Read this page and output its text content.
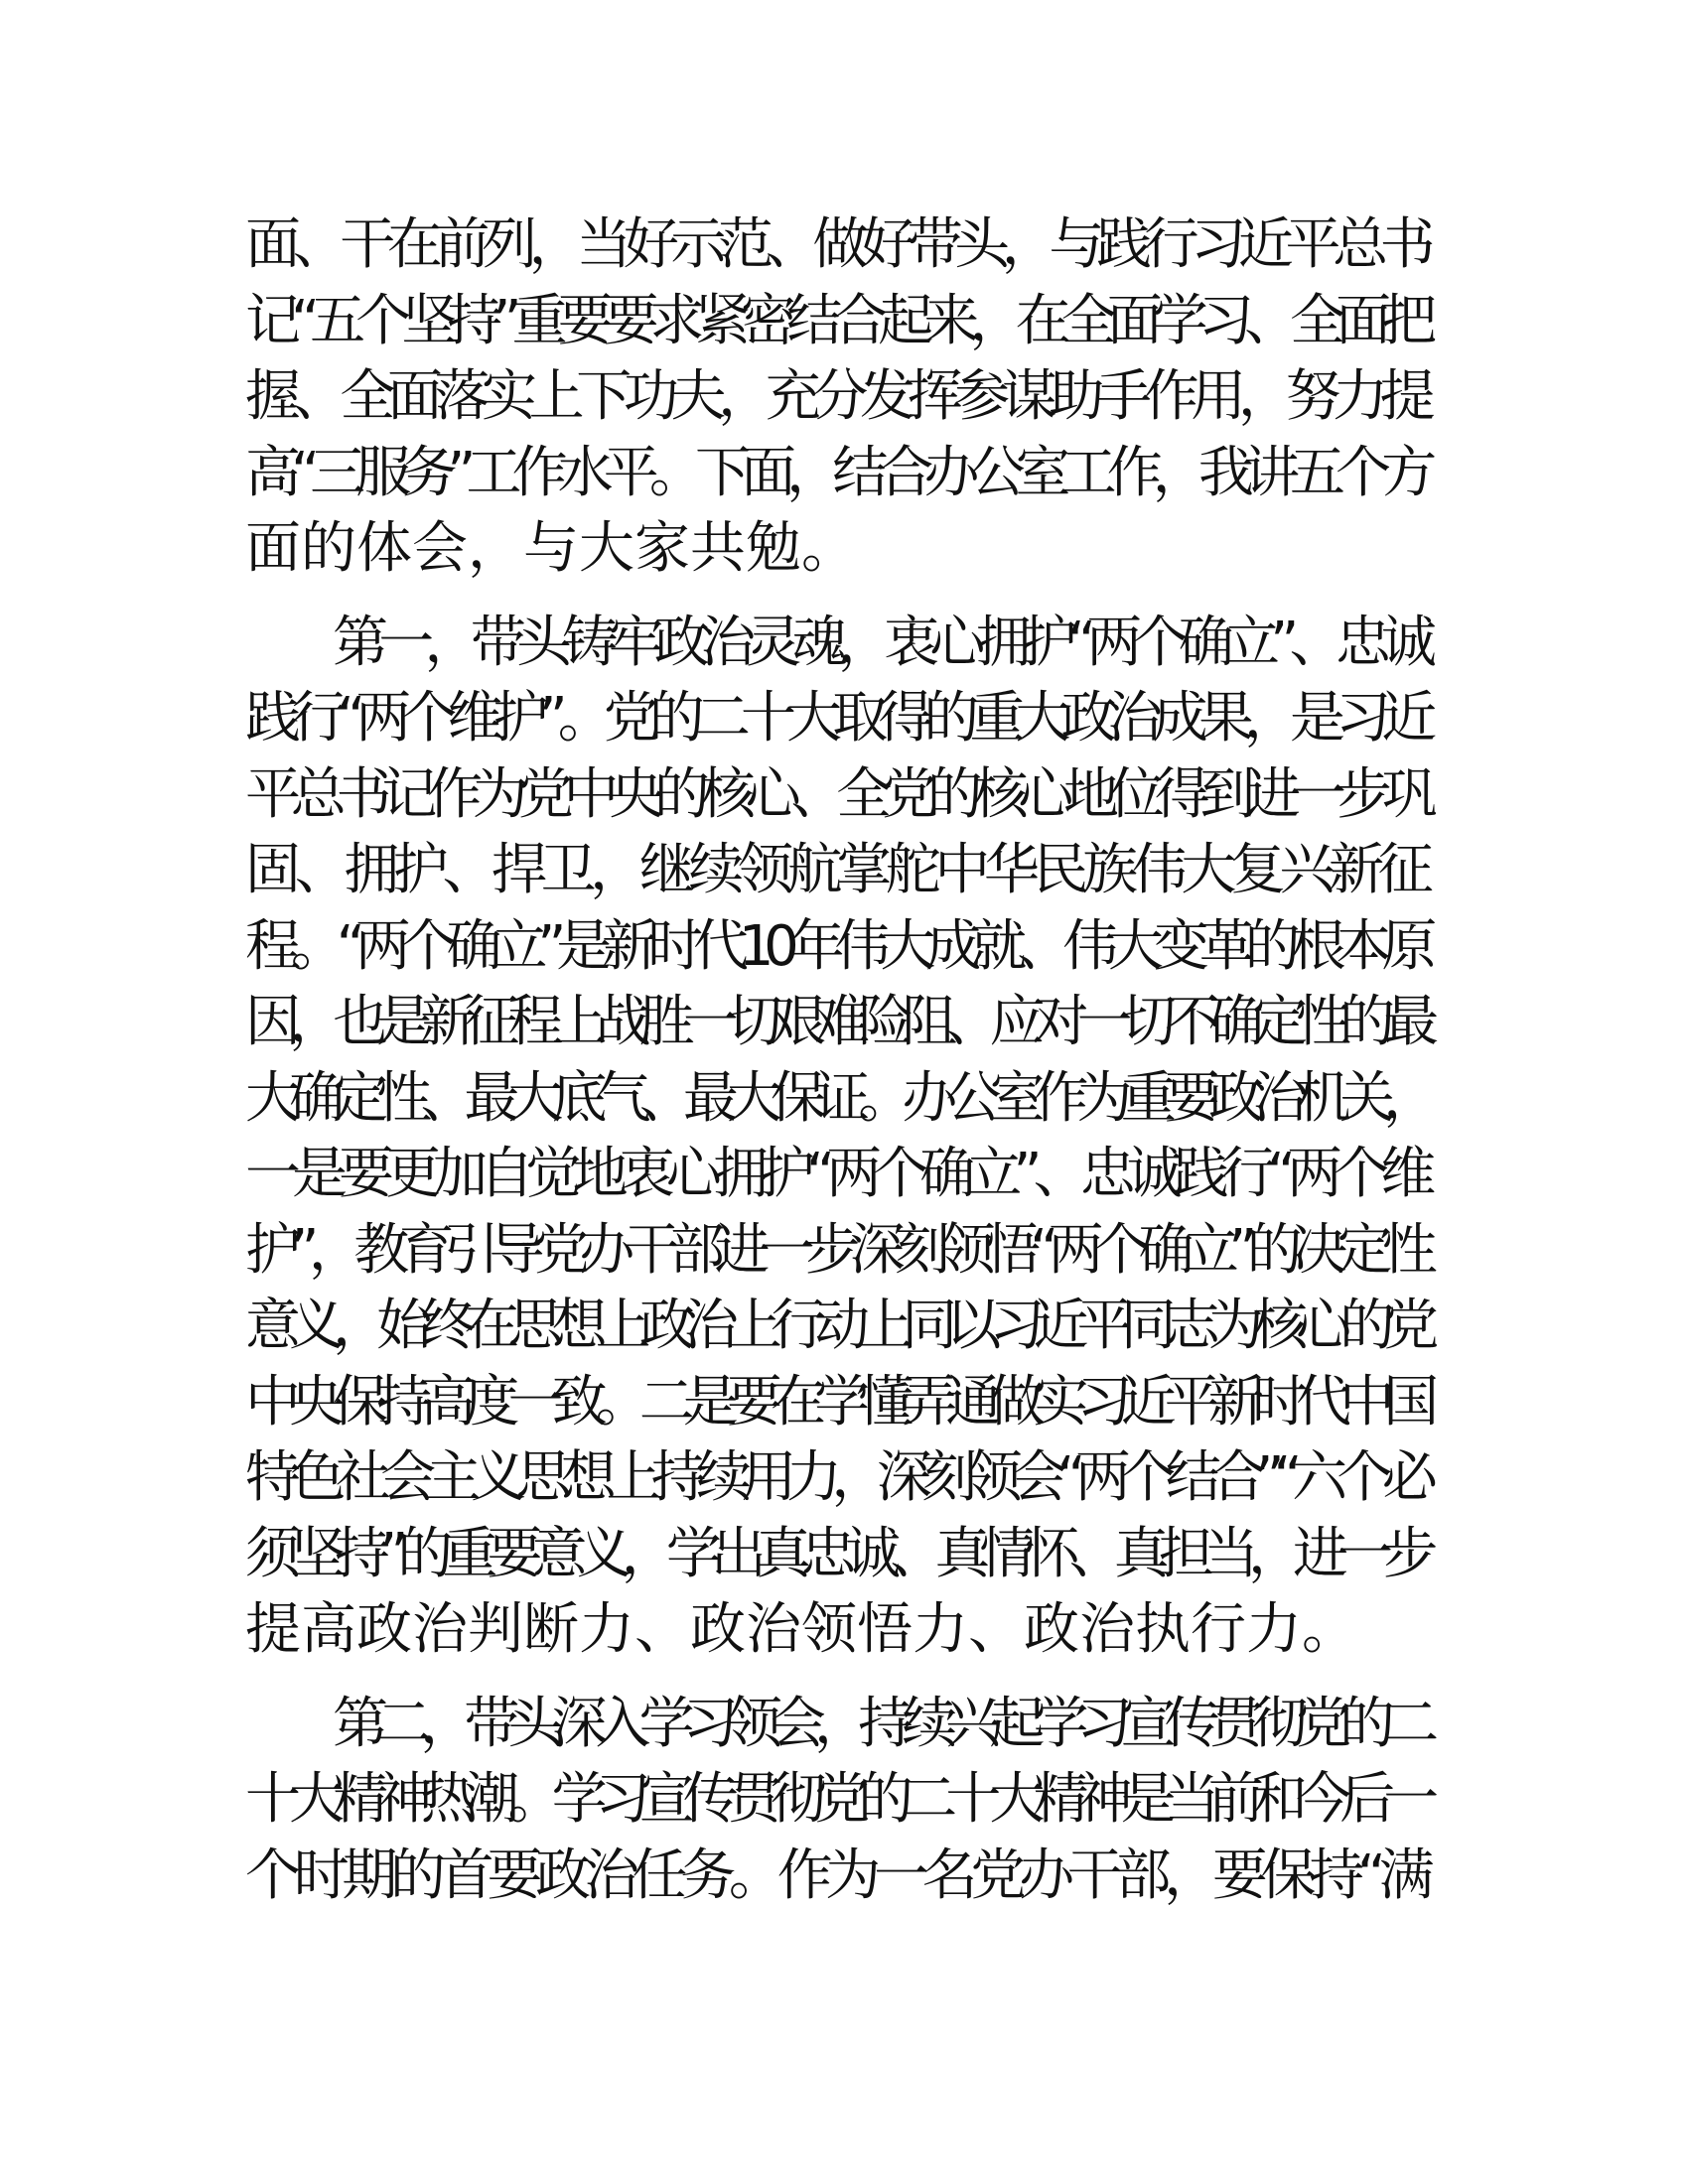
面、干在前列，当好示范、做好带头，与践行习近平总书
记“五个坚持”重要要求紧密结合起来，在全面学习、全面把
握、全面落实上下功夫，充分发挥参谋助手作用，努力提
高“三服务”工作水平。下面，结合办公室工作，我讲五个方
面的体会，与大家共勉。
第一，带头铸牢政治灵魂，衷心拥护“两个确立”、忠诚
践行“两个维护”。党的二十大取得的重大政治成果，是习近
平总书记作为党中央的核心、全党的核心地位得到进一步巩
固、拥护、捍卫，继续领航掌舵中华民族伟大复兴新征
程。“两个确立”是新时代10年伟大成就、伟大变革的根本原
因，也是新征程上战胜一切艰难险阻、应对一切不确定性的最
大确定性、最大底气、最大保证。办公室作为重要政治机关，
一是要更加自觉地衷心拥护“两个确立”、忠诚践行“两个维
护”，教育引导党办干部进一步深刻领悟“两个确立”的决定性
意义，始终在思想上政治上行动上同以习近平同志为核心的党
中央保持高度一致。二是要在学懂弄通做实习近平新时代中国
特色社会主义思想上持续用力，深刻领会“两个结合”“六个必
须坚持”的重要意义，学出真忠诚、真情怀、真担当，进一步
提高政治判断力、政治领悟力、政治执行力。
第二，带头深入学习领会，持续兴起学习宣传贯彻党的二
十大精神热潮。学习宣传贯彻党的二十大精神是当前和今后一
个时期的首要政治任务。作为一名党办干部，要保持“满
